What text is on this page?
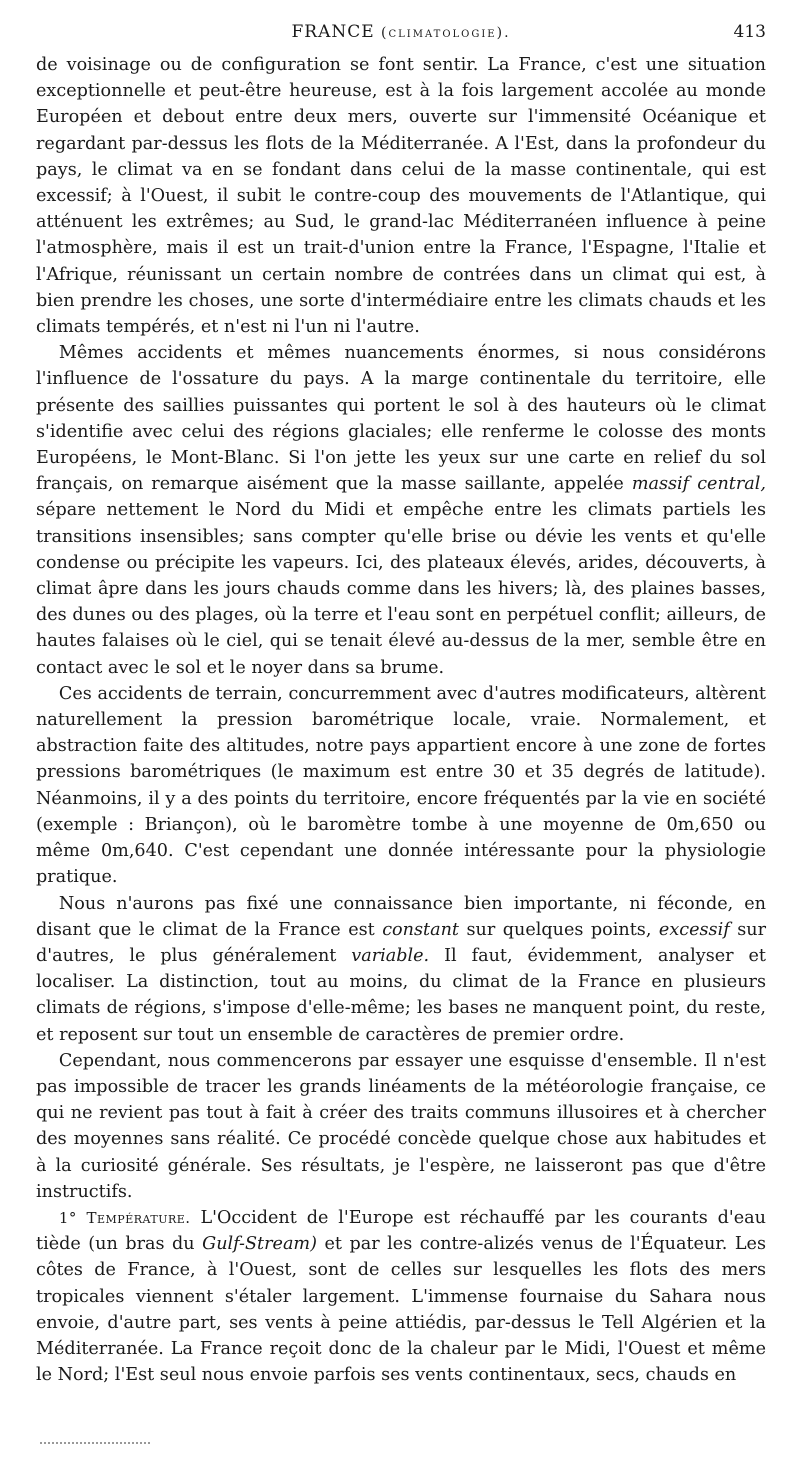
FRANCE (climatologie).	413

de voisinage ou de configuration se font sentir. La France, c'est une situation exceptionnelle et peut-être heureuse, est à la fois largement accolée au monde Européen et debout entre deux mers, ouverte sur l'immensité Océanique et regardant par-dessus les flots de la Méditerranée. A l'Est, dans la profondeur du pays, le climat va en se fondant dans celui de la masse continentale, qui est excessif; à l'Ouest, il subit le contre-coup des mouvements de l'Atlantique, qui atténuent les extrêmes; au Sud, le grand-lac Méditerranéen influence à peine l'atmosphère, mais il est un trait-d'union entre la France, l'Espagne, l'Italie et l'Afrique, réunissant un certain nombre de contrées dans un climat qui est, à bien prendre les choses, une sorte d'intermédiaire entre les climats chauds et les climats tempérés, et n'est ni l'un ni l'autre.

Mêmes accidents et mêmes nuancements énormes, si nous considérons l'influence de l'ossature du pays. A la marge continentale du territoire, elle présente des saillies puissantes qui portent le sol à des hauteurs où le climat s'identifie avec celui des régions glaciales; elle renferme le colosse des monts Européens, le Mont-Blanc. Si l'on jette les yeux sur une carte en relief du sol français, on remarque aisément que la masse saillante, appelée massif central, sépare nettement le Nord du Midi et empêche entre les climats partiels les transitions insensibles; sans compter qu'elle brise ou dévie les vents et qu'elle condense ou précipite les vapeurs. Ici, des plateaux élevés, arides, découverts, à climat âpre dans les jours chauds comme dans les hivers; là, des plaines basses, des dunes ou des plages, où la terre et l'eau sont en perpétuel conflit; ailleurs, de hautes falaises où le ciel, qui se tenait élevé au-dessus de la mer, semble être en contact avec le sol et le noyer dans sa brume.

Ces accidents de terrain, concurremment avec d'autres modificateurs, altèrent naturellement la pression barométrique locale, vraie. Normalement, et abstraction faite des altitudes, notre pays appartient encore à une zone de fortes pressions barométriques (le maximum est entre 30 et 35 degrés de latitude). Néanmoins, il y a des points du territoire, encore fréquentés par la vie en société (exemple : Briançon), où le baromètre tombe à une moyenne de 0m,650 ou même 0m,640. C'est cependant une donnée intéressante pour la physiologie pratique.

Nous n'aurons pas fixé une connaissance bien importante, ni féconde, en disant que le climat de la France est constant sur quelques points, excessif sur d'autres, le plus généralement variable. Il faut, évidemment, analyser et localiser. La distinction, tout au moins, du climat de la France en plusieurs climats de régions, s'impose d'elle-même; les bases ne manquent point, du reste, et reposent sur tout un ensemble de caractères de premier ordre.

Cependant, nous commencerons par essayer une esquisse d'ensemble. Il n'est pas impossible de tracer les grands linéaments de la météorologie française, ce qui ne revient pas tout à fait à créer des traits communs illusoires et à chercher des moyennes sans réalité. Ce procédé concède quelque chose aux habitudes et à la curiosité générale. Ses résultats, je l'espère, ne laisseront pas que d'être instructifs.

1° Température. L'Occident de l'Europe est réchauffé par les courants d'eau tiède (un bras du Gulf-Stream) et par les contre-alizés venus de l'Équateur. Les côtes de France, à l'Ouest, sont de celles sur lesquelles les flots des mers tropicales viennent s'étaler largement. L'immense fournaise du Sahara nous envoie, d'autre part, ses vents à peine attiédis, par-dessus le Tell Algérien et la Méditerranée. La France reçoit donc de la chaleur par le Midi, l'Ouest et même le Nord; l'Est seul nous envoie parfois ses vents continentaux, secs, chauds en
